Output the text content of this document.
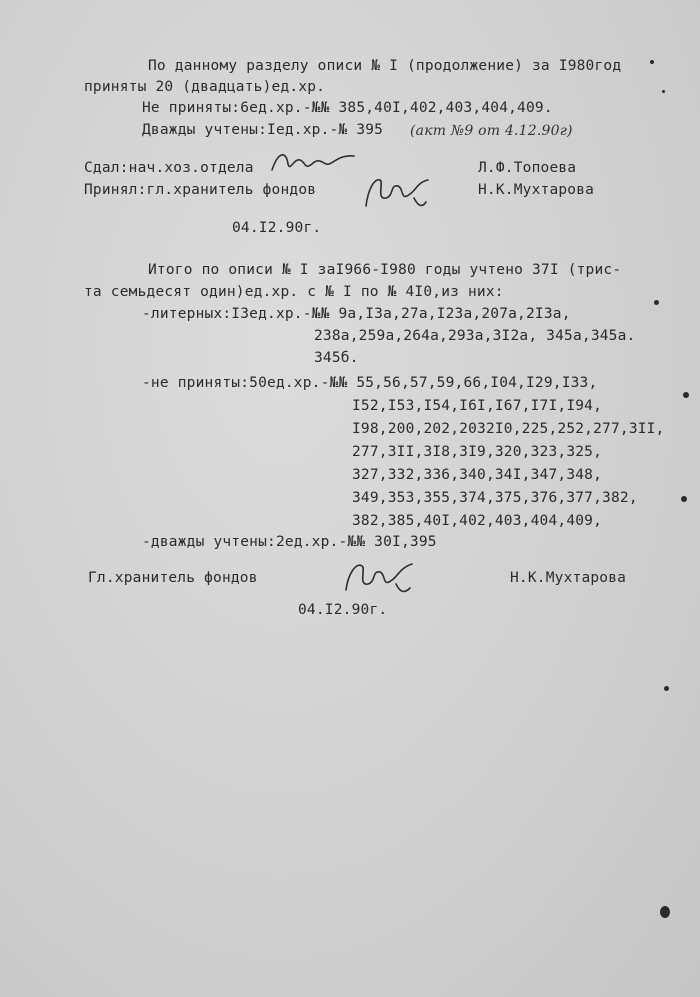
По данному разделу описи № I (продолжение) за I980год
приняты 20 (двадцать)ед.хр.
Не приняты:6ед.хр.-№№ 385,40I,402,403,404,409.
Дважды учтены:Iед.хр.-№ 395 (акт №9 от 4.12.90г)
Сдал:нач.хоз.отдела	Л.Ф.Топоева
Принял:гл.хранитель фондов	Н.К.Мухтарова
04.I2.90г.
Итого по описи № I заI966-I980 годы учтено 37I (трис-
та семьдесят один)ед.хр. с № I по № 4I0,из них:
-литерных:I3ед.хр.-№№ 9а,I3а,27а,I23а,207а,2I3а,
238а,259а,264а,293а,3I2а, 345а,345а.
345б.
-не приняты:50ед.хр.-№№ 55,56,57,59,66,I04,I29,I33,
I52,I53,I54,I6I,I67,I7I,I94,
I98,200,202,2032I0,225,252,277,3II,
277,3II,3I8,3I9,320,323,325,
327,332,336,340,34I,347,348,
349,353,355,374,375,376,377,382,
382,385,40I,402,403,404,409,
-дважды учтены:2ед.хр.-№№ 30I,395
Гл.хранитель фондов	Н.К.Мухтарова
04.I2.90г.
